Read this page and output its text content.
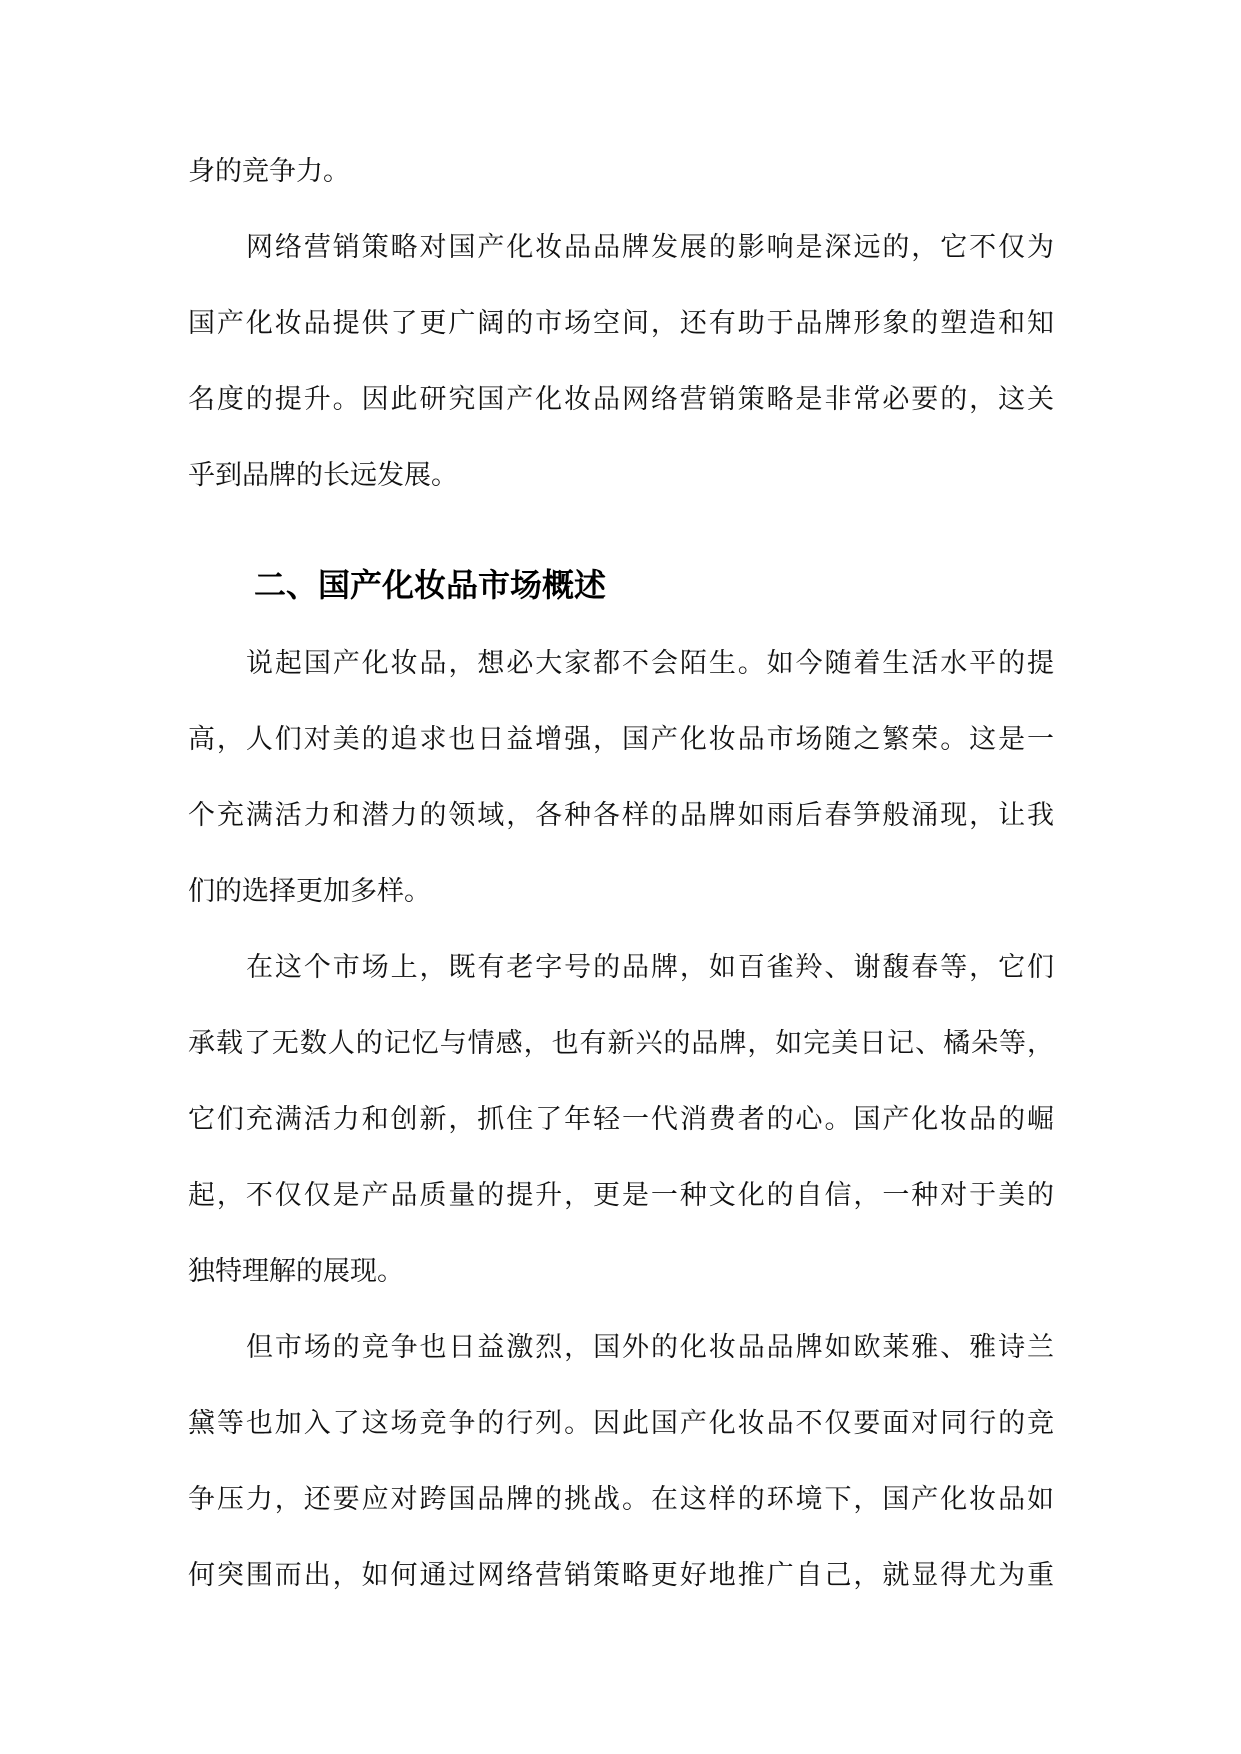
身的竞争力。
网络营销策略对国产化妆品品牌发展的影响是深远的，它不仅为
国产化妆品提供了更广阔的市场空间，还有助于品牌形象的塑造和知
名度的提升。因此研究国产化妆品网络营销策略是非常必要的，这关
乎到品牌的长远发展。
二、国产化妆品市场概述
说起国产化妆品，想必大家都不会陌生。如今随着生活水平的提
高，人们对美的追求也日益增强，国产化妆品市场随之繁荣。这是一
个充满活力和潜力的领域，各种各样的品牌如雨后春笋般涌现，让我
们的选择更加多样。
在这个市场上，既有老字号的品牌，如百雀羚、谢馥春等，它们
承载了无数人的记忆与情感，也有新兴的品牌，如完美日记、橘朵等，
它们充满活力和创新，抓住了年轻一代消费者的心。国产化妆品的崛
起，不仅仅是产品质量的提升，更是一种文化的自信，一种对于美的
独特理解的展现。
但市场的竞争也日益激烈，国外的化妆品品牌如欧莱雅、雅诗兰
黛等也加入了这场竞争的行列。因此国产化妆品不仅要面对同行的竞
争压力，还要应对跨国品牌的挑战。在这样的环境下，国产化妆品如
何突围而出，如何通过网络营销策略更好地推广自己，就显得尤为重
